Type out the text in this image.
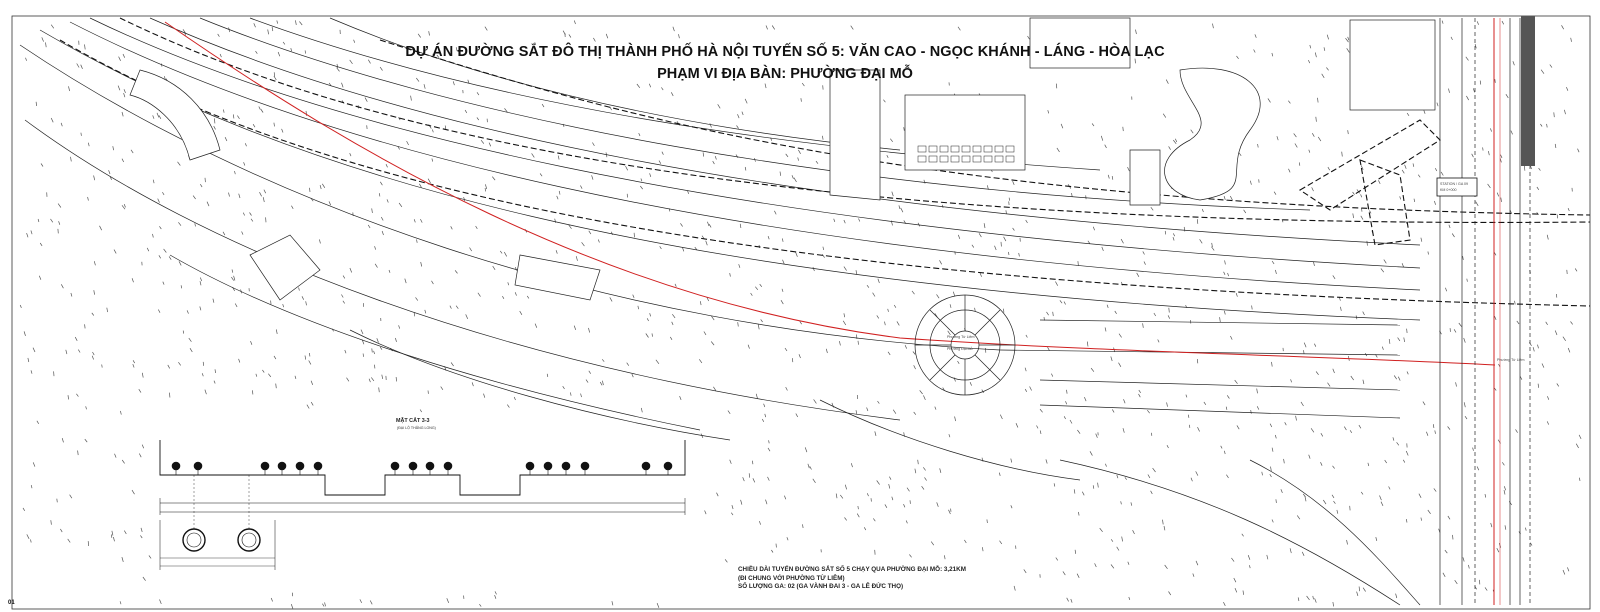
DỰ ÁN ĐƯỜNG SẮT ĐÔ THỊ THÀNH PHỐ HÀ NỘI TUYẾN SỐ 5: VĂN CAO - NGỌC KHÁNH - LÁNG - HÒA LẠC
PHẠM VI ĐỊA BÀN: PHƯỜNG ĐẠI MỖ
MẶT CẮT 3-3
(ĐẠI LỘ THĂNG LONG)
STATION / GA 09
KM 0+000
Phường Từ Liêm
Phường Đại Mỗ
Phường Từ Liêm
CHIỀU DÀI TUYẾN ĐƯỜNG SẮT SỐ 5 CHẠY QUA PHƯỜNG ĐẠI MỖ: 3,21KM
(ĐI CHUNG VỚI PHƯỜNG TỪ LIÊM)
SỐ LƯỢNG GA: 02 (GA VÀNH ĐAI 3 - GA LÊ ĐỨC THỌ)
01
